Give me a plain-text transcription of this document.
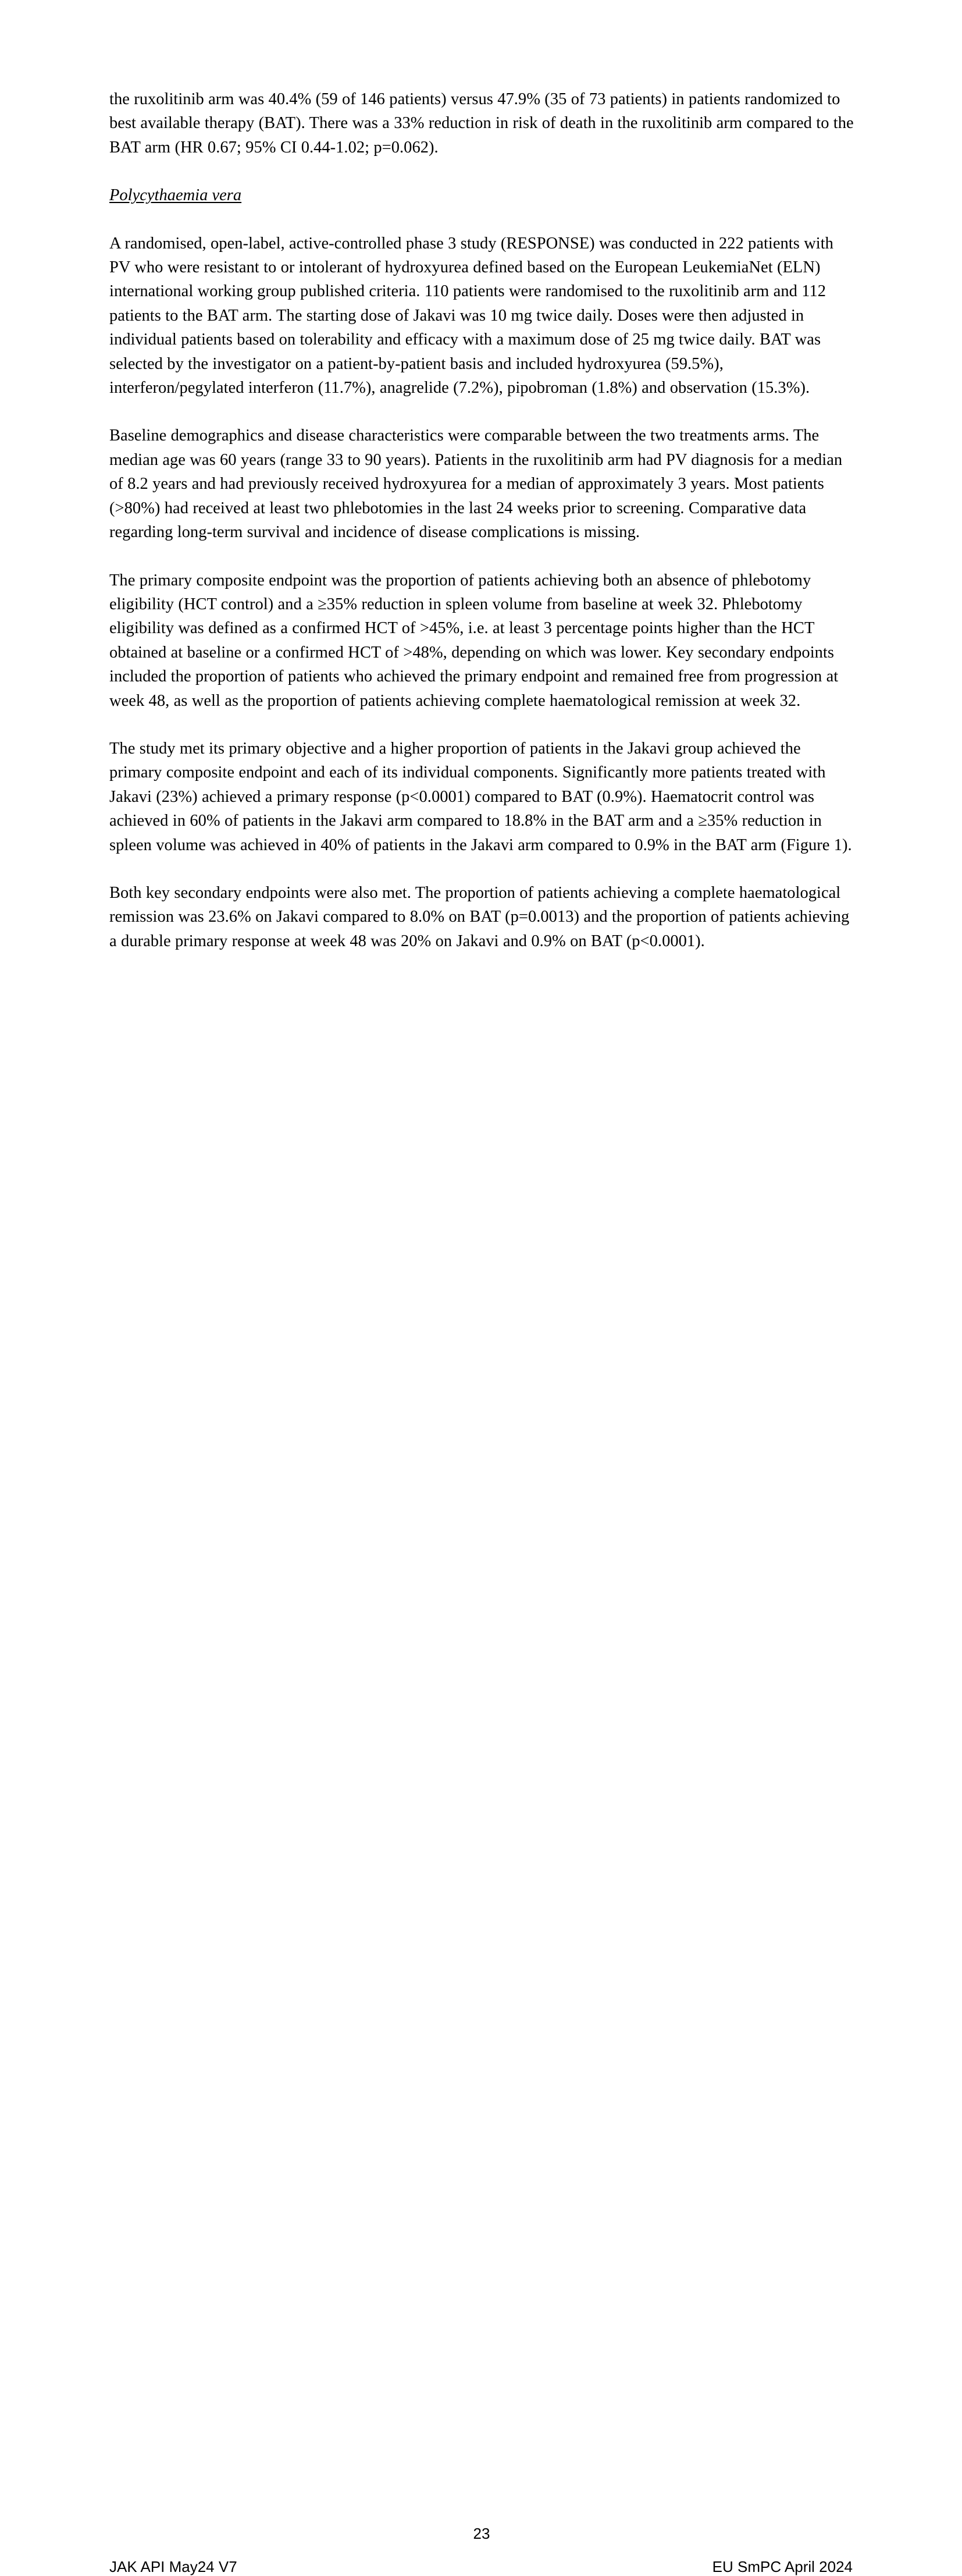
the ruxolitinib arm was 40.4% (59 of 146 patients) versus 47.9% (35 of 73 patients) in patients randomized to best available therapy (BAT). There was a 33% reduction in risk of death in the ruxolitinib arm compared to the BAT arm (HR 0.67; 95% CI 0.44-1.02; p=0.062).

Polycythaemia vera

A randomised, open-label, active-controlled phase 3 study (RESPONSE) was conducted in 222 patients with PV who were resistant to or intolerant of hydroxyurea defined based on the European LeukemiaNet (ELN) international working group published criteria. 110 patients were randomised to the ruxolitinib arm and 112 patients to the BAT arm. The starting dose of Jakavi was 10 mg twice daily. Doses were then adjusted in individual patients based on tolerability and efficacy with a maximum dose of 25 mg twice daily. BAT was selected by the investigator on a patient-by-patient basis and included hydroxyurea (59.5%), interferon/pegylated interferon (11.7%), anagrelide (7.2%), pipobroman (1.8%) and observation (15.3%).

Baseline demographics and disease characteristics were comparable between the two treatments arms. The median age was 60 years (range 33 to 90 years). Patients in the ruxolitinib arm had PV diagnosis for a median of 8.2 years and had previously received hydroxyurea for a median of approximately 3 years. Most patients (>80%) had received at least two phlebotomies in the last 24 weeks prior to screening. Comparative data regarding long-term survival and incidence of disease complications is missing.

The primary composite endpoint was the proportion of patients achieving both an absence of phlebotomy eligibility (HCT control) and a ≥35% reduction in spleen volume from baseline at week 32. Phlebotomy eligibility was defined as a confirmed HCT of >45%, i.e. at least 3 percentage points higher than the HCT obtained at baseline or a confirmed HCT of >48%, depending on which was lower. Key secondary endpoints included the proportion of patients who achieved the primary endpoint and remained free from progression at week 48, as well as the proportion of patients achieving complete haematological remission at week 32.

The study met its primary objective and a higher proportion of patients in the Jakavi group achieved the primary composite endpoint and each of its individual components. Significantly more patients treated with Jakavi (23%) achieved a primary response (p<0.0001) compared to BAT (0.9%). Haematocrit control was achieved in 60% of patients in the Jakavi arm compared to 18.8% in the BAT arm and a ≥35% reduction in spleen volume was achieved in 40% of patients in the Jakavi arm compared to 0.9% in the BAT arm (Figure 1).

Both key secondary endpoints were also met. The proportion of patients achieving a complete haematological remission was 23.6% on Jakavi compared to 8.0% on BAT (p=0.0013) and the proportion of patients achieving a durable primary response at week 48 was 20% on Jakavi and 0.9% on BAT (p<0.0001).

23
JAK API May24 V7	EU SmPC April 2024
